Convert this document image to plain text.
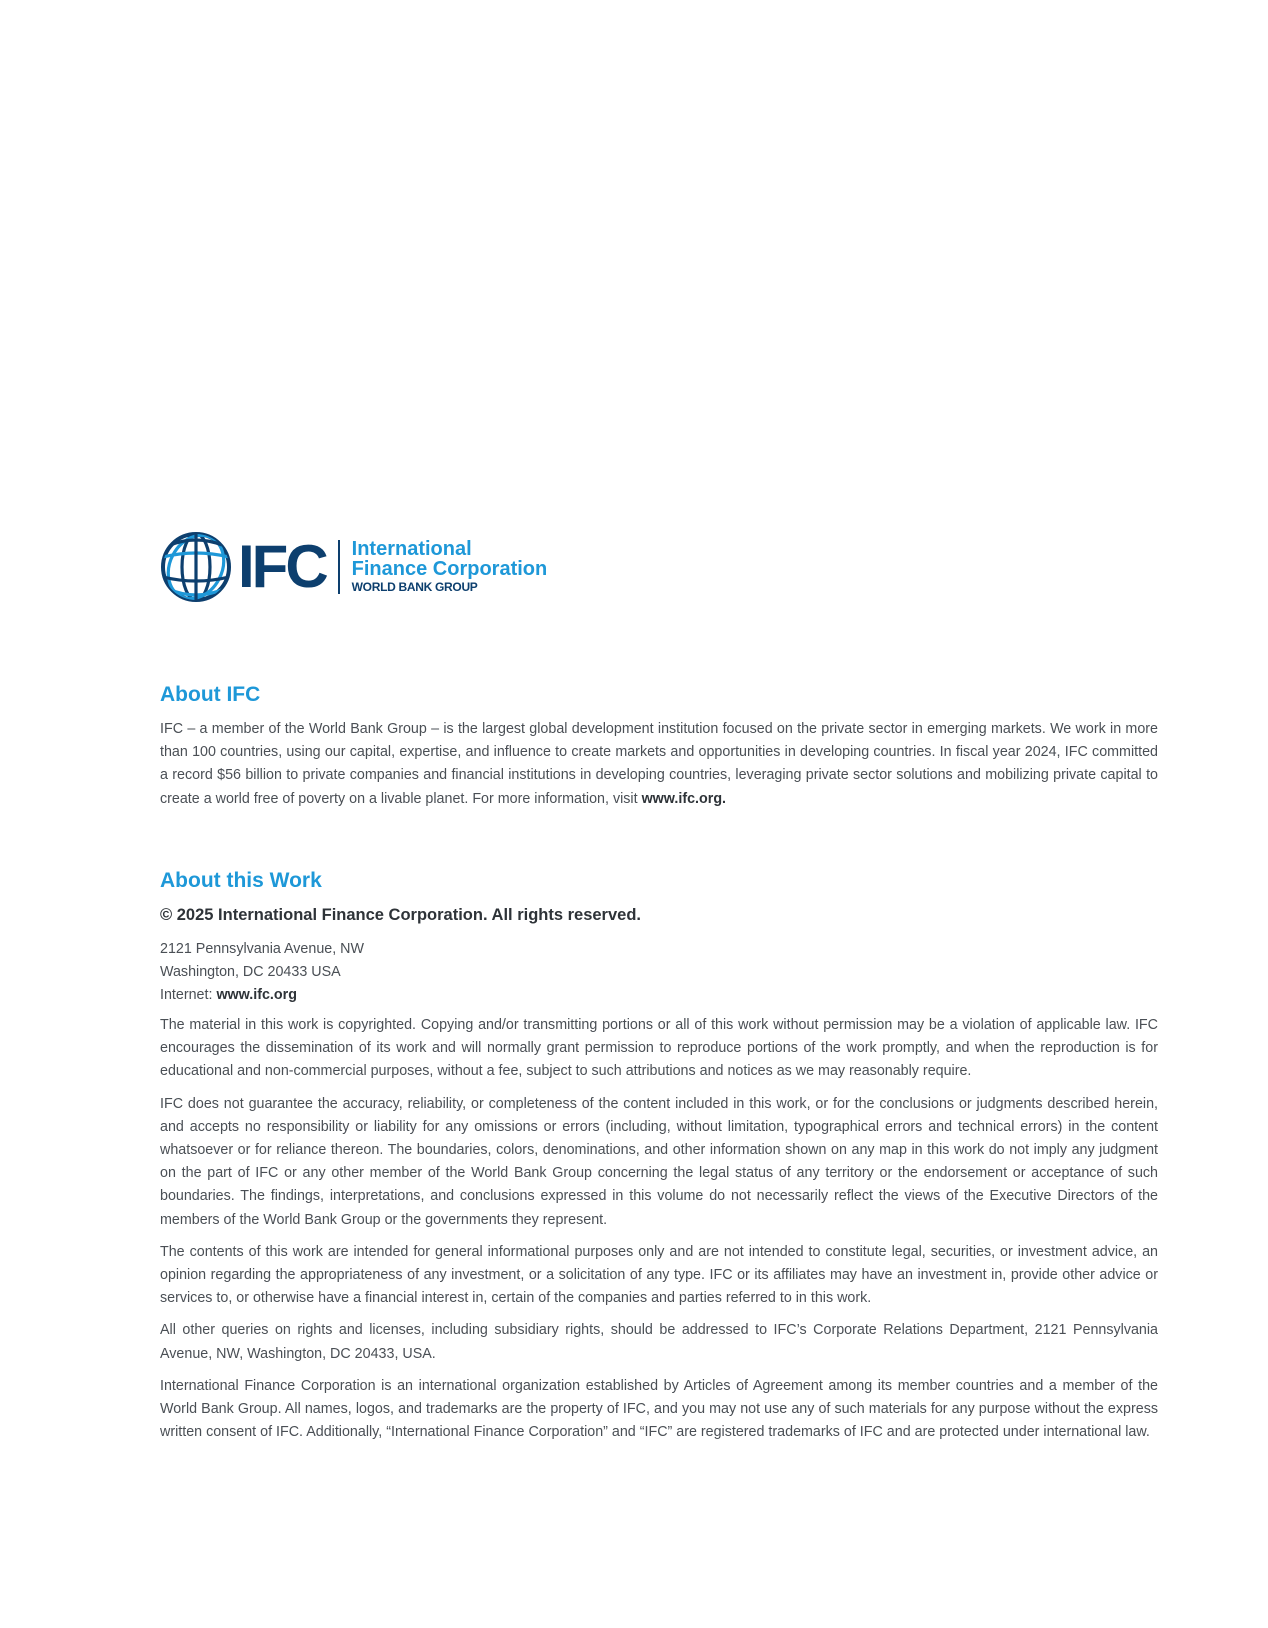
IFC International
Finance Corporation
WORLD BANK GROUP
About IFC

IFC – a member of the World Bank Group – is the largest global development institution focused on the private sector in emerging markets. We work in more than 100 countries, using our capital, expertise, and influence to create markets and opportunities in developing countries. In fiscal year 2024, IFC committed a record $56 billion to private companies and financial institutions in developing countries, leveraging private sector solutions and mobilizing private capital to create a world free of poverty on a livable planet. For more information, visit www.ifc.org.

About this Work

© 2025 International Finance Corporation. All rights reserved.

2121 Pennsylvania Avenue, NW
Washington, DC 20433 USA
Internet: www.ifc.org

The material in this work is copyrighted. Copying and/or transmitting portions or all of this work without permission may be a violation of applicable law. IFC encourages the dissemination of its work and will normally grant permission to reproduce portions of the work promptly, and when the reproduction is for educational and non-commercial purposes, without a fee, subject to such attributions and notices as we may reasonably require.

IFC does not guarantee the accuracy, reliability, or completeness of the content included in this work, or for the conclusions or judgments described herein, and accepts no responsibility or liability for any omissions or errors (including, without limitation, typographical errors and technical errors) in the content whatsoever or for reliance thereon. The boundaries, colors, denominations, and other information shown on any map in this work do not imply any judgment on the part of IFC or any other member of the World Bank Group concerning the legal status of any territory or the endorsement or acceptance of such boundaries. The findings, interpretations, and conclusions expressed in this volume do not necessarily reflect the views of the Executive Directors of the members of the World Bank Group or the governments they represent.

The contents of this work are intended for general informational purposes only and are not intended to constitute legal, securities, or investment advice, an opinion regarding the appropriateness of any investment, or a solicitation of any type. IFC or its affiliates may have an investment in, provide other advice or services to, or otherwise have a financial interest in, certain of the companies and parties referred to in this work.

All other queries on rights and licenses, including subsidiary rights, should be addressed to IFC’s Corporate Relations Department, 2121 Pennsylvania Avenue, NW, Washington, DC 20433, USA.

International Finance Corporation is an international organization established by Articles of Agreement among its member countries and a member of the World Bank Group. All names, logos, and trademarks are the property of IFC, and you may not use any of such materials for any purpose without the express written consent of IFC. Additionally, “International Finance Corporation” and “IFC” are registered trademarks of IFC and are protected under international law.
